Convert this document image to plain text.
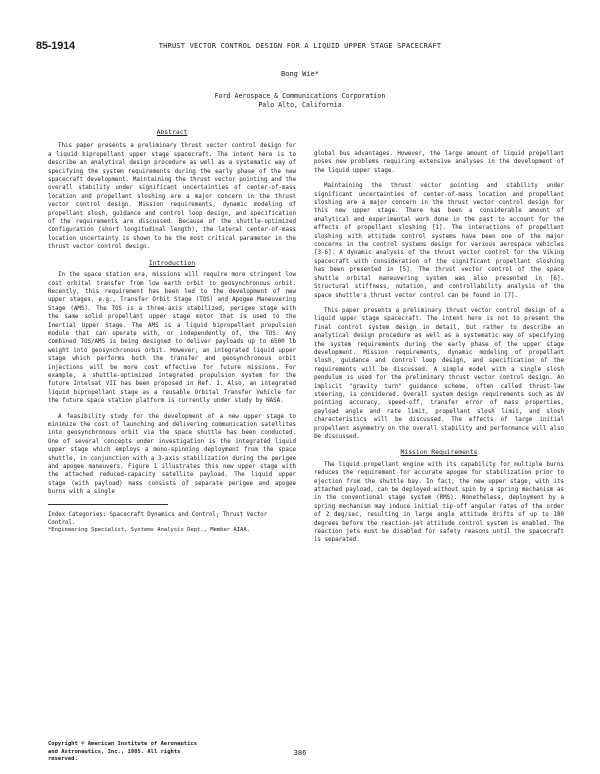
85-1914	THRUST VECTOR CONTROL DESIGN FOR A LIQUID UPPER STAGE SPACECRAFT
Bong Wie*
Ford Aerospace & Communications Corporation
Palo Alto, California
Abstract

This paper presents a preliminary thrust vector control design for a liquid bipropellant upper stage spacecraft. The intent here is to describe an analytical design procedure as well as a systematic way of specifying the system requirements during the early phase of the new spacecraft development. Maintaining the thrust vector pointing and the overall stability under significant uncertainties of center-of-mass location and propellant sloshing are a major concern in the thrust vector control design. Mission requirements, dynamic modeling of propellant slosh, guidance and control loop design, and specification of the requirements are discussed. Because of the shuttle-optimized configuration (short longitudinal length), the lateral center-of-mass location uncertainty is shown to be the most critical parameter in the thrust vector control design.

Introduction

In the space station era, missions will require more stringent low cost orbital transfer from low earth orbit to geosynchronous orbit. Recently, this requirement has been led to the development of new upper stages, e.g., Transfer Orbit Stage (TOS) and Apogee Maneuvering Stage (AMS). The TOS is a three-axis stabilized, perigee stage with the same solid propellant upper stage motor that is used to the Inertial Upper Stage. The AMS is a liquid bipropellant propulsion module that can operate with, or independently of, the TOS. Any combined TOS/AMS is being designed to deliver payloads up to 6500 lb weight into geosynchronous orbit. However, an integrated liquid upper stage which performs both the transfer and geosynchronous orbit injections will be more cost effective for future missions. For example, a shuttle-optimized integrated propulsion system for the future Intelsat VII has been proposed in Ref. 1. Also, an integrated liquid bipropellant stage as a reusable Orbital Transfer Vehicle for the future space station platform is currently under study by NASA.

A feasibility study for the development of a new upper stage to minimize the cost of launching and delivering communication satellites into geosynchronous orbit via the space shuttle has been conducted. One of several concepts under investigation is the integrated liquid upper stage which employs a mono-spinning deployment from the space shuttle, in conjunction with a 3-axis stabilization during the perigee and apogee maneuvers. Figure 1 illustrates this new upper stage with the attached reduced-capacity satellite payload. The liquid upper stage (with payload) mass consists of separate perigee and apogee burns with a single

Index Categories: Spacecraft Dynamics and Control; Thrust Vector Control.

*Engineering Specialist, Systems Analysis Dept., Member AIAA.

global bus advantages. However, the large amount of liquid propellant poses new problems requiring extensive analyses in the development of the liquid upper stage.

Maintaining the thrust vector pointing and stability under significant uncertainties of center-of-mass location and propellant sloshing are a major concern in the thrust vector control design for this new upper stage. There has been a considerable amount of analytical and experimental work done in the past to account for the effects of propellant sloshing [1]. The interactions of propellant sloshing with attitude control systems have been one of the major concerns in the control systems design for various aerospace vehicles [3-6]. A dynamic analysis of the thrust vector control for the Viking spacecraft with consideration of the significant propellant sloshing has been presented in [5]. The thrust vector control of the space shuttle orbital maneuvering system was also presented in [6]. Structural stiffness, nutation, and controllability analysis of the space shuttle's thrust vector control can be found in [7].

This paper presents a preliminary thrust vector control design of a liquid upper stage spacecraft. The intent here is not to present the final control system design in detail, but rather to describe an analytical design procedure as well as a systematic way of specifying the system requirements during the early phase of the upper stage development. Mission requirements, dynamic modeling of propellant slosh, guidance and control loop design, and specification of the requirements will be discussed. A simple model with a single slosh pendulum is used for the preliminary thrust vector control design. An implicit "gravity turn" guidance scheme, often called thrust-law steering, is considered. Overall system design requirements such as ΔV pointing accuracy, speed-off, transfer error of mass properties, payload angle and rate limit, propellant slosh limit, and slosh characteristics will be discussed. The effects of large initial propellant asymmetry on the overall stability and performance will also be discussed.

Mission Requirements

The liquid propellant engine with its capability for multiple burns reduces the requirement for accurate apogee for stabilization prior to ejection from the shuttle bay. In fact, the new upper stage, with its attached payload, can be deployed without spin by a spring mechanism as in the conventional stage system (RMS). Nonetheless, deployment by a spring mechanism may induce initial tip-off angular rates of the order of 2 deg/sec, resulting in large angle attitude drifts of up to 180 degrees before the reaction-jet attitude control system is enabled. The reaction jets must be disabled for safety reasons until the spacecraft is separated.

Copyright © American Institute of Aeronautics and Astronautics, Inc., 1985. All rights reserved.
386
